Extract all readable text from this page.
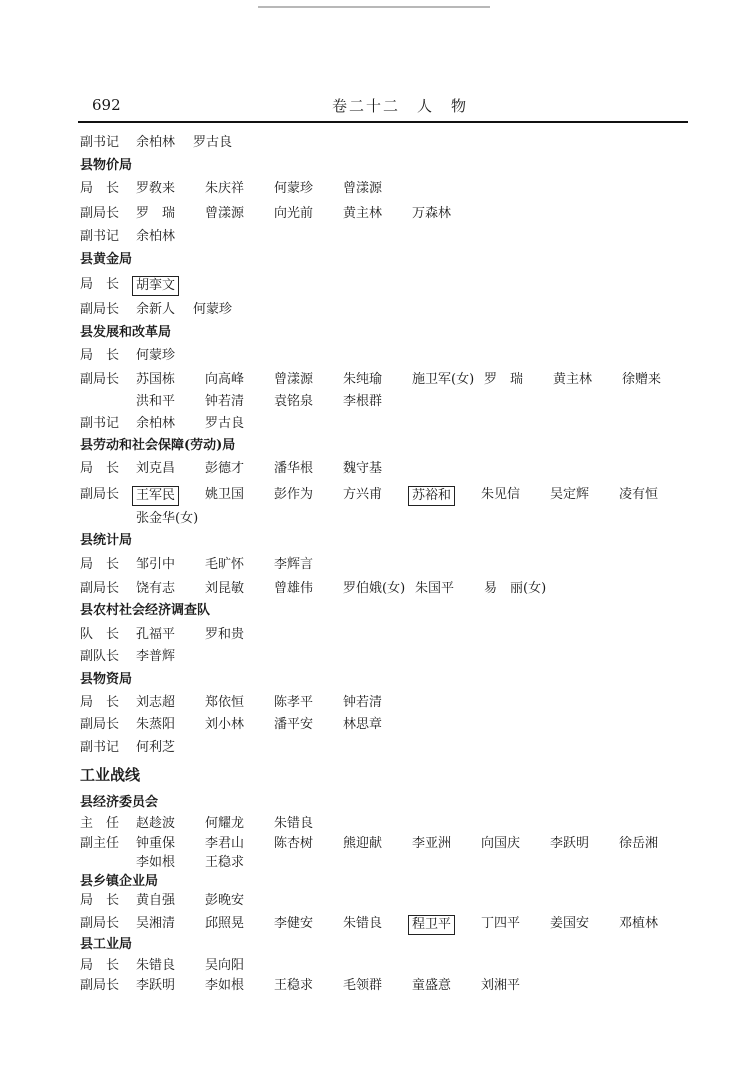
692	卷二十二　人　物
副书记 余柏林 罗古良
县物价局
局　长 罗敎来 朱庆祥 何蒙珍 曾漾源
副局长 罗　瑞 曾漾源 向光前 黄主林 万森林
副书记 余柏林
县黄金局
局　长	胡挛文
副局长 余新人 何蒙珍
县发展和改革局
局　长 何蒙珍
副局长 苏国栋 向高峰 曾漾源 朱纯瑜 施卫军(女) 罗　瑞 黄主林 徐赠来
洪和平 钟若清 袁铭泉 李根群
副书记 余柏林 罗古良
县劳动和社会保障(劳动)局
局　长 刘克昌 彭德才 潘华根 魏守基
副局长	王军民	姚卫国 彭作为 方兴甫	苏裕和	朱见信 吴定辉 凌有恒
张金华(女)
县统计局
局　长 邹引中 毛旷怀 李辉言
副局长 饶有志 刘昆敏 曾雄伟 罗伯娥(女) 朱国平 易　丽(女)
县农村社会经济调查队
队　长 孔福平 罗和贵
副队长 李普辉
县物资局
局　长 刘志超 郑依恒 陈孝平 钟若清
副局长 朱蒸阳 刘小林 潘平安 林思章
副书记 何利芝
工业战线
县经济委员会
主　任 赵趁波 何耀龙 朱错良
副主任 钟重保 李君山 陈杏树 熊迎献 李亚洲 向国庆 李跃明 徐岳湘
李如根 王稳求
县乡镇企业局
局　长 黄自强 彭晚安
副局长 吴湘清 邱照晃 李健安 朱错良	程卫平	丁四平 姜国安 邓植林
县工业局
局　长 朱错良 吴向阳
副局长 李跃明 李如根 王稳求 毛领群 童盛意 刘湘平
